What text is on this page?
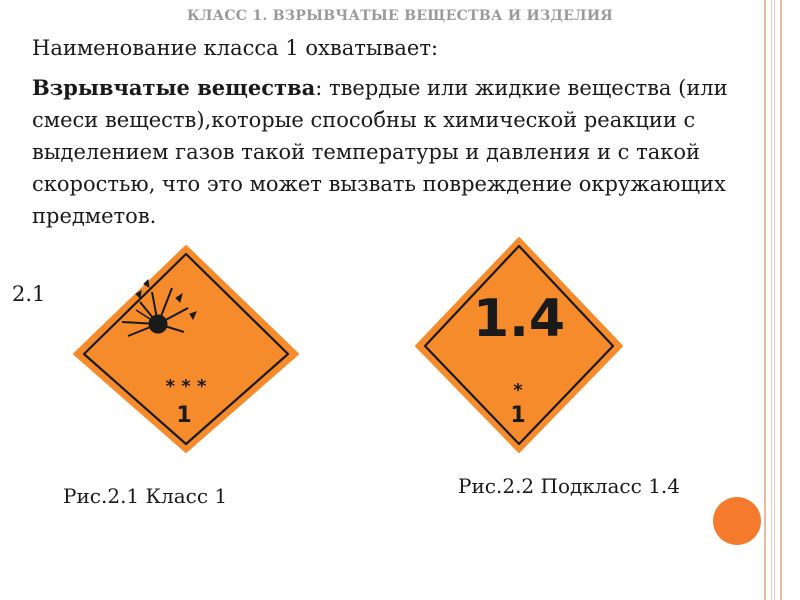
КЛАСС 1. ВЗРЫВЧАТЫЕ ВЕЩЕСТВА И ИЗДЕЛИЯ
Наименование класса 1 охватывает:
Взрывчатые вещества: твердые или жидкие вещества (или смеси веществ),которые способны к химической реакции с выделением газов такой температуры и давления и с такой скоростью, что это может вызвать повреждение окружающих предметов.
2.1
* * *
1
1.4
*
1
Рис.2.1 Класс 1	Рис.2.2 Подкласс 1.4
